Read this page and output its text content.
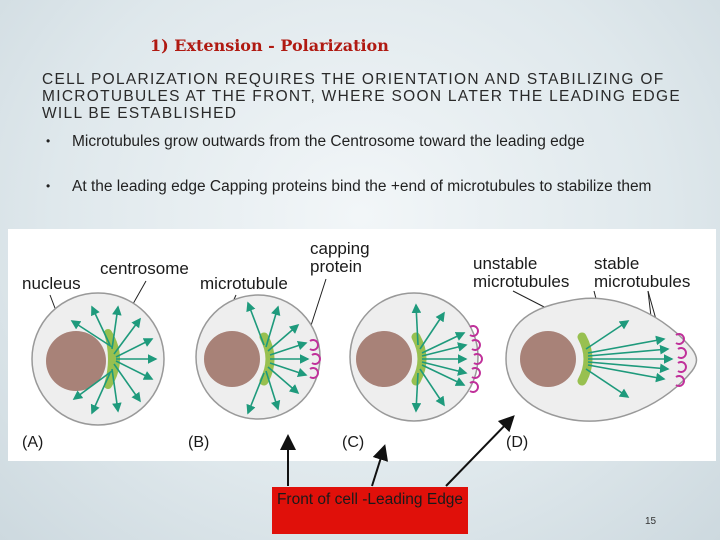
1) Extension - Polarization
CELL POLARIZATION REQUIRES THE ORIENTATION AND STABILIZING OF MICROTUBULES AT THE FRONT, WHERE SOON LATER THE LEADING EDGE WILL BE ESTABLISHED
• Microtubules grow outwards from the Centrosome toward the leading edge
• At the leading edge Capping proteins bind the +end of microtubules to stabilize them
nucleus
centrosome
microtubule
capping
protein	unstable
microtubules
stable
microtubules
(A)	(B)	(C)	(D)
Front of cell -Leading Edge
15
